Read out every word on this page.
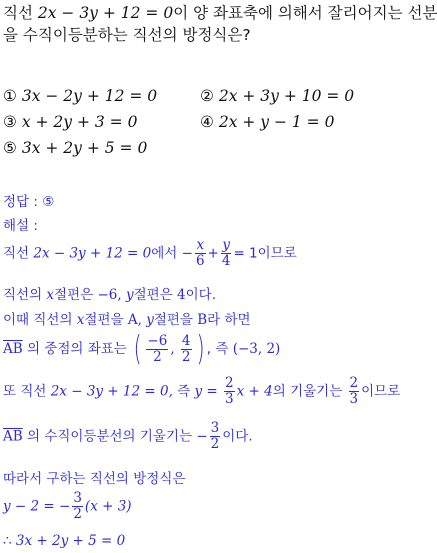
직선 2x − 3y + 12 = 0이 양 좌표축에 의해서 잘리어지는 선분
을 수직이등분하는 직선의 방정식은?
① 3x − 2y + 12 = 0	② 2x + 3y + 10 = 0
③ x + 2y + 3 = 0	④ 2x + y − 1 = 0
⑤ 3x + 2y + 5 = 0
정답 : ⑤
해설 :
직선 2x − 3y + 12 = 0에서 − $\frac{x}{6} + \frac{y}{4} = 1$이므로
직선의 x절편은 −6, y절편은 4이다.
이때 직선의 x절편을 A, y절편을 B라 하면
$\overline{AB}$ 의 중점의 좌표는 ( $\frac{-6}{2}$ , $\frac{4}{2}$ ) , 즉 (−3, 2)
또 직선 2x − 3y + 12 = 0, 즉 $y = \frac{2}{3}$ x + 4의 기울기는 $\frac{2}{3}$ 이므로
$\overline{AB}$ 의 수직이등분선의 기울기는 − $\frac{3}{2}$ 이다.
따라서 구하는 직선의 방정식은
y − 2 = − $\frac{3}{2} (x + 3)$
∴ 3x + 2y + 5 = 0
